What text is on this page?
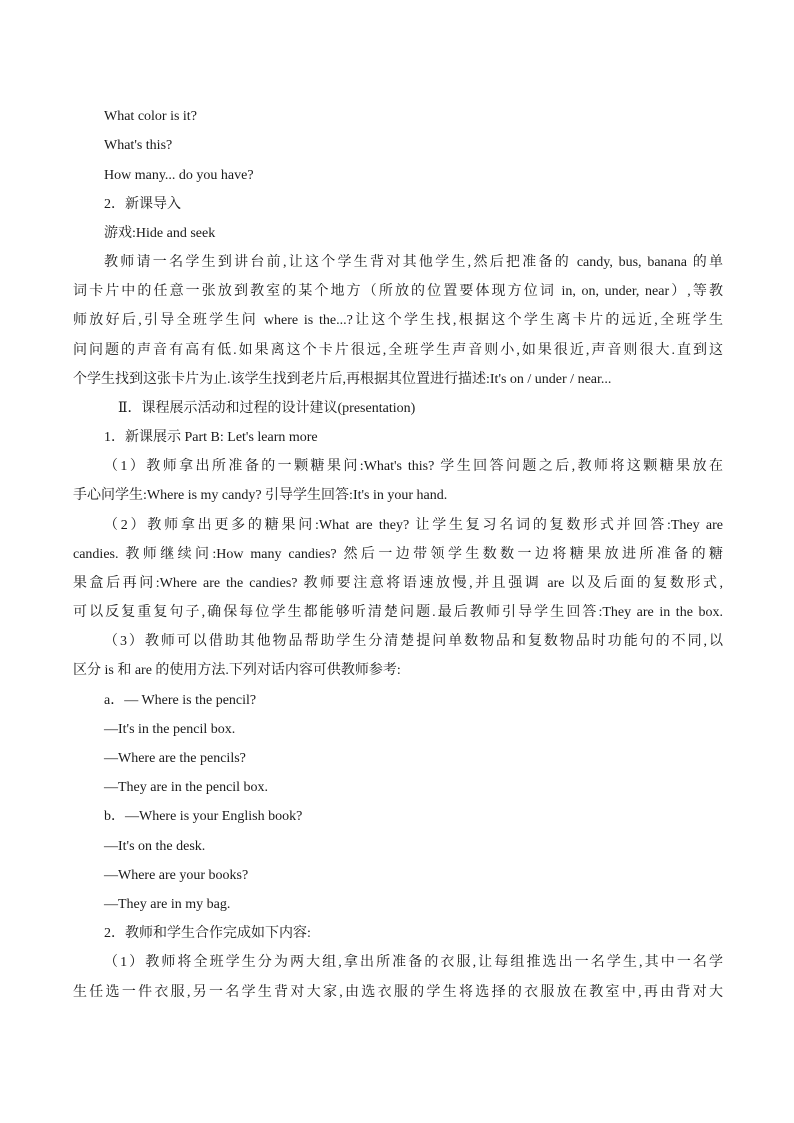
What color is it?
What's this?
How many... do you have?
2．新课导入
游戏:Hide and seek
教师请一名学生到讲台前,让这个学生背对其他学生,然后把准备的 candy, bus, banana 的单
词卡片中的任意一张放到教室的某个地方（所放的位置要体现方位词 in, on, under, near）,等教
师放好后,引导全班学生问 where is the...?让这个学生找,根据这个学生离卡片的远近,全班学生
问问题的声音有高有低.如果离这个卡片很远,全班学生声音则小,如果很近,声音则很大.直到这
个学生找到这张卡片为止.该学生找到老片后,再根据其位置进行描述:It's on / under / near...
Ⅱ．课程展示活动和过程的设计建议(presentation)
1．新课展示 Part B: Let's learn more
（1）教师拿出所准备的一颗糖果问:What's this? 学生回答问题之后,教师将这颗糖果放在
手心问学生:Where is my candy? 引导学生回答:It's in your hand.
（2）教师拿出更多的糖果问:What are they? 让学生复习名词的复数形式并回答:They are
candies. 教师继续问:How many candies? 然后一边带领学生数数一边将糖果放进所准备的糖
果盒后再问:Where are the candies? 教师要注意将语速放慢,并且强调 are 以及后面的复数形式,
可以反复重复句子,确保每位学生都能够听清楚问题.最后教师引导学生回答:They are in the box.
（3）教师可以借助其他物品帮助学生分清楚提问单数物品和复数物品时功能句的不同,以
区分 is 和 are 的使用方法.下列对话内容可供教师参考:
a．— Where is the pencil?
—It's in the pencil box.
—Where are the pencils?
—They are in the pencil box.
b．—Where is your English book?
—It's on the desk.
—Where are your books?
—They are in my bag.
2．教师和学生合作完成如下内容:
（1）教师将全班学生分为两大组,拿出所准备的衣服,让每组推选出一名学生,其中一名学
生任选一件衣服,另一名学生背对大家,由选衣服的学生将选择的衣服放在教室中,再由背对大
